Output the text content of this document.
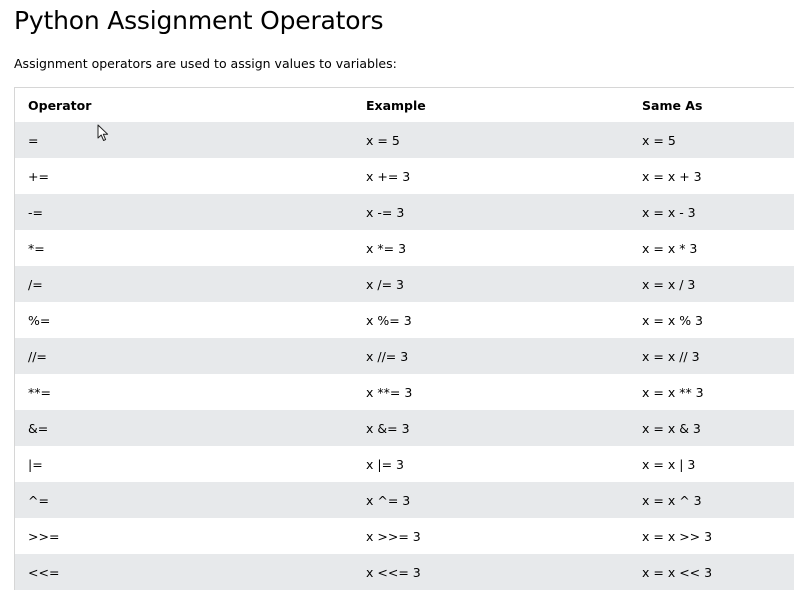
Python Assignment Operators

Assignment operators are used to assign values to variables:

Operator	Example	Same As
=	x = 5	x = 5
+=	x += 3	x = x + 3
-=	x -= 3	x = x - 3
*=	x *= 3	x = x * 3
/=	x /= 3	x = x / 3
%=	x %= 3	x = x % 3
//=	x //= 3	x = x // 3
**=	x **= 3	x = x ** 3
&=	x &= 3	x = x & 3
|=	x |= 3	x = x | 3
^=	x ^= 3	x = x ^ 3
>>=	x >>= 3	x = x >> 3
<<=	x <<= 3	x = x << 3
